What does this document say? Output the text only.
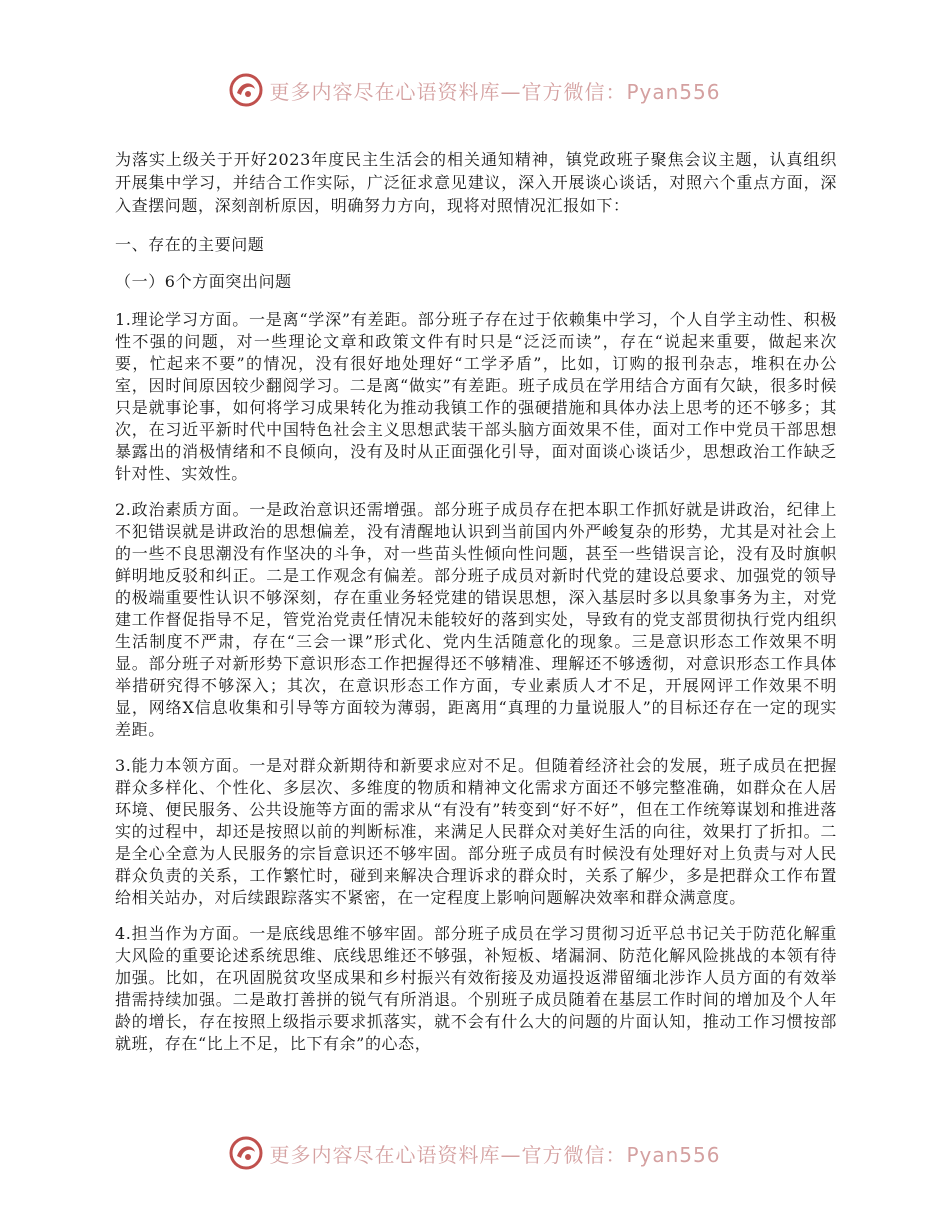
更多内容尽在心语资料库—官方微信：Pyan556

为落实上级关于开好2023年度民主生活会的相关通知精神，镇党政班子聚焦会议主题，认真组织开展集中学习，并结合工作实际，广泛征求意见建议，深入开展谈心谈话，对照六个重点方面，深入查摆问题，深刻剖析原因，明确努力方向，现将对照情况汇报如下：

一、存在的主要问题

（一）6个方面突出问题

1.理论学习方面。一是离“学深”有差距。部分班子存在过于依赖集中学习，个人自学主动性、积极性不强的问题，对一些理论文章和政策文件有时只是“泛泛而读”，存在“说起来重要，做起来次要，忙起来不要”的情况，没有很好地处理好“工学矛盾”，比如，订购的报刊杂志，堆积在办公室，因时间原因较少翻阅学习。二是离“做实”有差距。班子成员在学用结合方面有欠缺，很多时候只是就事论事，如何将学习成果转化为推动我镇工作的强硬措施和具体办法上思考的还不够多；其次，在习近平新时代中国特色社会主义思想武装干部头脑方面效果不佳，面对工作中党员干部思想暴露出的消极情绪和不良倾向，没有及时从正面强化引导，面对面谈心谈话少，思想政治工作缺乏针对性、实效性。

2.政治素质方面。一是政治意识还需增强。部分班子成员存在把本职工作抓好就是讲政治，纪律上不犯错误就是讲政治的思想偏差，没有清醒地认识到当前国内外严峻复杂的形势，尤其是对社会上的一些不良思潮没有作坚决的斗争，对一些苗头性倾向性问题，甚至一些错误言论，没有及时旗帜鲜明地反驳和纠正。二是工作观念有偏差。部分班子成员对新时代党的建设总要求、加强党的领导的极端重要性认识不够深刻，存在重业务轻党建的错误思想，深入基层时多以具象事务为主，对党建工作督促指导不足，管党治党责任情况未能较好的落到实处，导致有的党支部贯彻执行党内组织生活制度不严肃，存在“三会一课”形式化、党内生活随意化的现象。三是意识形态工作效果不明显。部分班子对新形势下意识形态工作把握得还不够精准、理解还不够透彻，对意识形态工作具体举措研究得不够深入；其次，在意识形态工作方面，专业素质人才不足，开展网评工作效果不明显，网络X信息收集和引导等方面较为薄弱，距离用“真理的力量说服人”的目标还存在一定的现实差距。

3.能力本领方面。一是对群众新期待和新要求应对不足。但随着经济社会的发展，班子成员在把握群众多样化、个性化、多层次、多维度的物质和精神文化需求方面还不够完整准确，如群众在人居环境、便民服务、公共设施等方面的需求从“有没有”转变到“好不好”，但在工作统筹谋划和推进落实的过程中，却还是按照以前的判断标准，来满足人民群众对美好生活的向往，效果打了折扣。二是全心全意为人民服务的宗旨意识还不够牢固。部分班子成员有时候没有处理好对上负责与对人民群众负责的关系，工作繁忙时，碰到来解决合理诉求的群众时，关系了解少，多是把群众工作布置给相关站办，对后续跟踪落实不紧密，在一定程度上影响问题解决效率和群众满意度。

4.担当作为方面。一是底线思维不够牢固。部分班子成员在学习贯彻习近平总书记关于防范化解重大风险的重要论述系统思维、底线思维还不够强，补短板、堵漏洞、防范化解风险挑战的本领有待加强。比如，在巩固脱贫攻坚成果和乡村振兴有效衔接及劝逼投返滞留缅北涉诈人员方面的有效举措需持续加强。二是敢打善拼的锐气有所消退。个别班子成员随着在基层工作时间的增加及个人年龄的增长，存在按照上级指示要求抓落实，就不会有什么大的问题的片面认知，推动工作习惯按部就班，存在“比上不足，比下有余”的心态，

更多内容尽在心语资料库—官方微信：Pyan556
